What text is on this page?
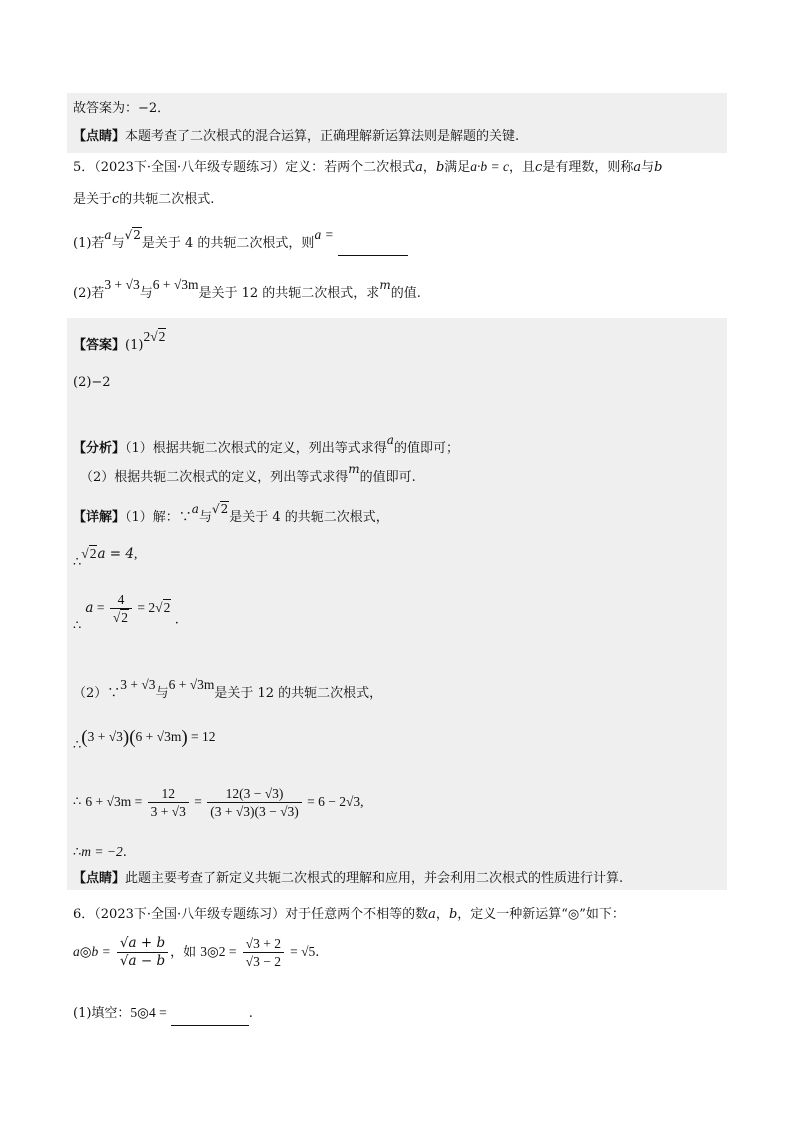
故答案为：−2．
【点睛】本题考查了二次根式的混合运算，正确理解新运算法则是解题的关键.
5．（2023下·全国·八年级专题练习）定义：若两个二次根式a，b满足a·b = c，且c是有理数，则称a与b
是关于c的共轭二次根式.
(1)若a与√2是关于 4 的共轭二次根式，则a =
(2)若3 + √3与6 + √3m是关于 12 的共轭二次根式，求m的值.
【答案】(1)2√2
(2)−2
【分析】（1）根据共轭二次根式的定义，列出等式求得a的值即可；
（2）根据共轭二次根式的定义，列出等式求得m的值即可.
【详解】（1）解：∵a与√2是关于 4 的共轭二次根式，
∴√2a = 4,
∴ $a = \frac{4}{√2} = 2√2$ .
（2）∵3 + √3与6 + √3m是关于 12 的共轭二次根式，
∴(3 + √3)(6 + √3m) = 12
∴ $6 + √3m = \frac{12}{3 + √3} = \frac{12(3 - √3)}{(3 + √3)(3 - √3)} = 6 - 2√3$,
∴m = −2.
【点睛】此题主要考查了新定义共轭二次根式的理解和应用，并会利用二次根式的性质进行计算.
6．（2023下·全国·八年级专题练习）对于任意两个不相等的数a，b，定义一种新运算“◎”如下：
a◎b = $\frac{√a + b}{√a - b}$ ，如 3◎2 = $\frac{√3 + 2}{√3 - 2} = √5$.
(1)填空：5◎4 =	.
